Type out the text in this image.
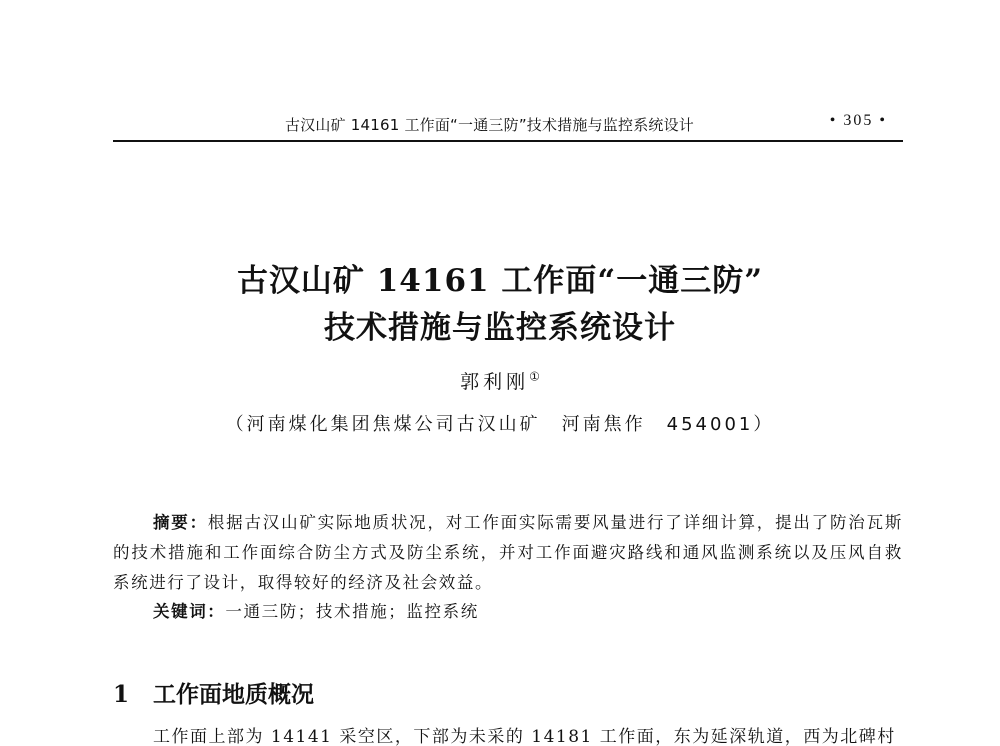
古汉山矿 14161 工作面“一通三防”技术措施与监控系统设计	• 305 •
古汉山矿 14161 工作面“一通三防”
技术措施与监控系统设计
郭利刚①
（河南煤化集团焦煤公司古汉山矿　河南焦作　454001）
摘要：根据古汉山矿实际地质状况，对工作面实际需要风量进行了详细计算，提出了防治瓦斯的技术措施和工作面综合防尘方式及防尘系统，并对工作面避灾路线和通风监测系统以及压风自救系统进行了设计，取得较好的经济及社会效益。
关键词：一通三防；技术措施；监控系统
1 工作面地质概况
工作面上部为 14141 采空区，下部为未采的 14181 工作面，东为延深轨道，西为北碑村
